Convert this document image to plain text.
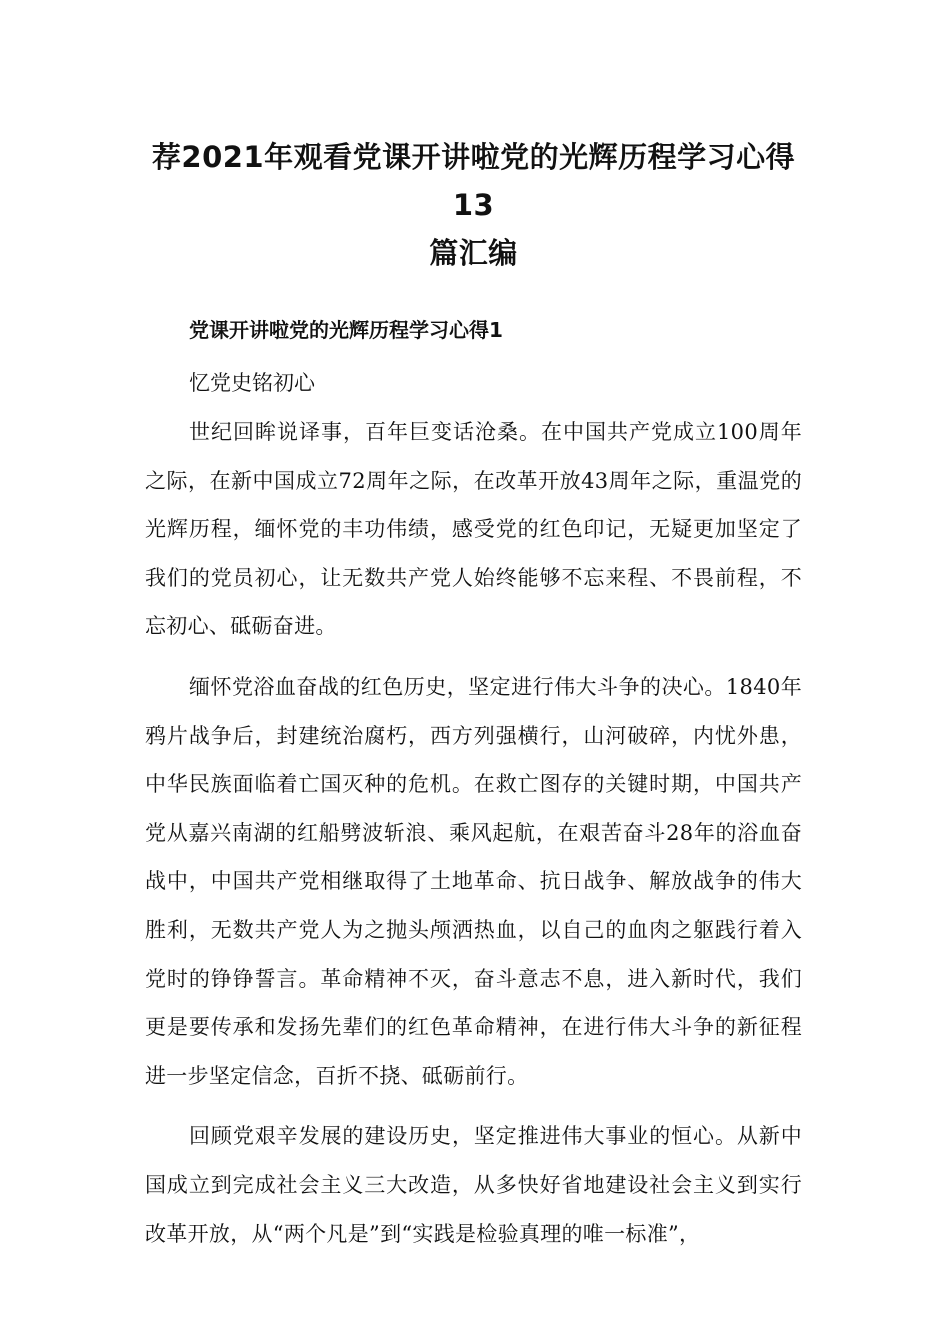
荐2021年观看党课开讲啦党的光辉历程学习心得13
篇汇编

党课开讲啦党的光辉历程学习心得1

忆党史铭初心

世纪回眸说译事，百年巨变话沧桑。在中国共产党成立100周年之际，在新中国成立72周年之际，在改革开放43周年之际，重温党的光辉历程，缅怀党的丰功伟绩，感受党的红色印记，无疑更加坚定了我们的党员初心，让无数共产党人始终能够不忘来程、不畏前程，不忘初心、砥砺奋进。

缅怀党浴血奋战的红色历史，坚定进行伟大斗争的决心。1840年鸦片战争后，封建统治腐朽，西方列强横行，山河破碎，内忧外患，中华民族面临着亡国灭种的危机。在救亡图存的关键时期，中国共产党从嘉兴南湖的红船劈波斩浪、乘风起航，在艰苦奋斗28年的浴血奋战中，中国共产党相继取得了土地革命、抗日战争、解放战争的伟大胜利，无数共产党人为之抛头颅洒热血，以自己的血肉之躯践行着入党时的铮铮誓言。革命精神不灭，奋斗意志不息，进入新时代，我们更是要传承和发扬先辈们的红色革命精神，在进行伟大斗争的新征程进一步坚定信念，百折不挠、砥砺前行。

回顾党艰辛发展的建设历史，坚定推进伟大事业的恒心。从新中国成立到完成社会主义三大改造，从多快好省地建设社会主义到实行改革开放，从“两个凡是”到“实践是检验真理的唯一标准”，
